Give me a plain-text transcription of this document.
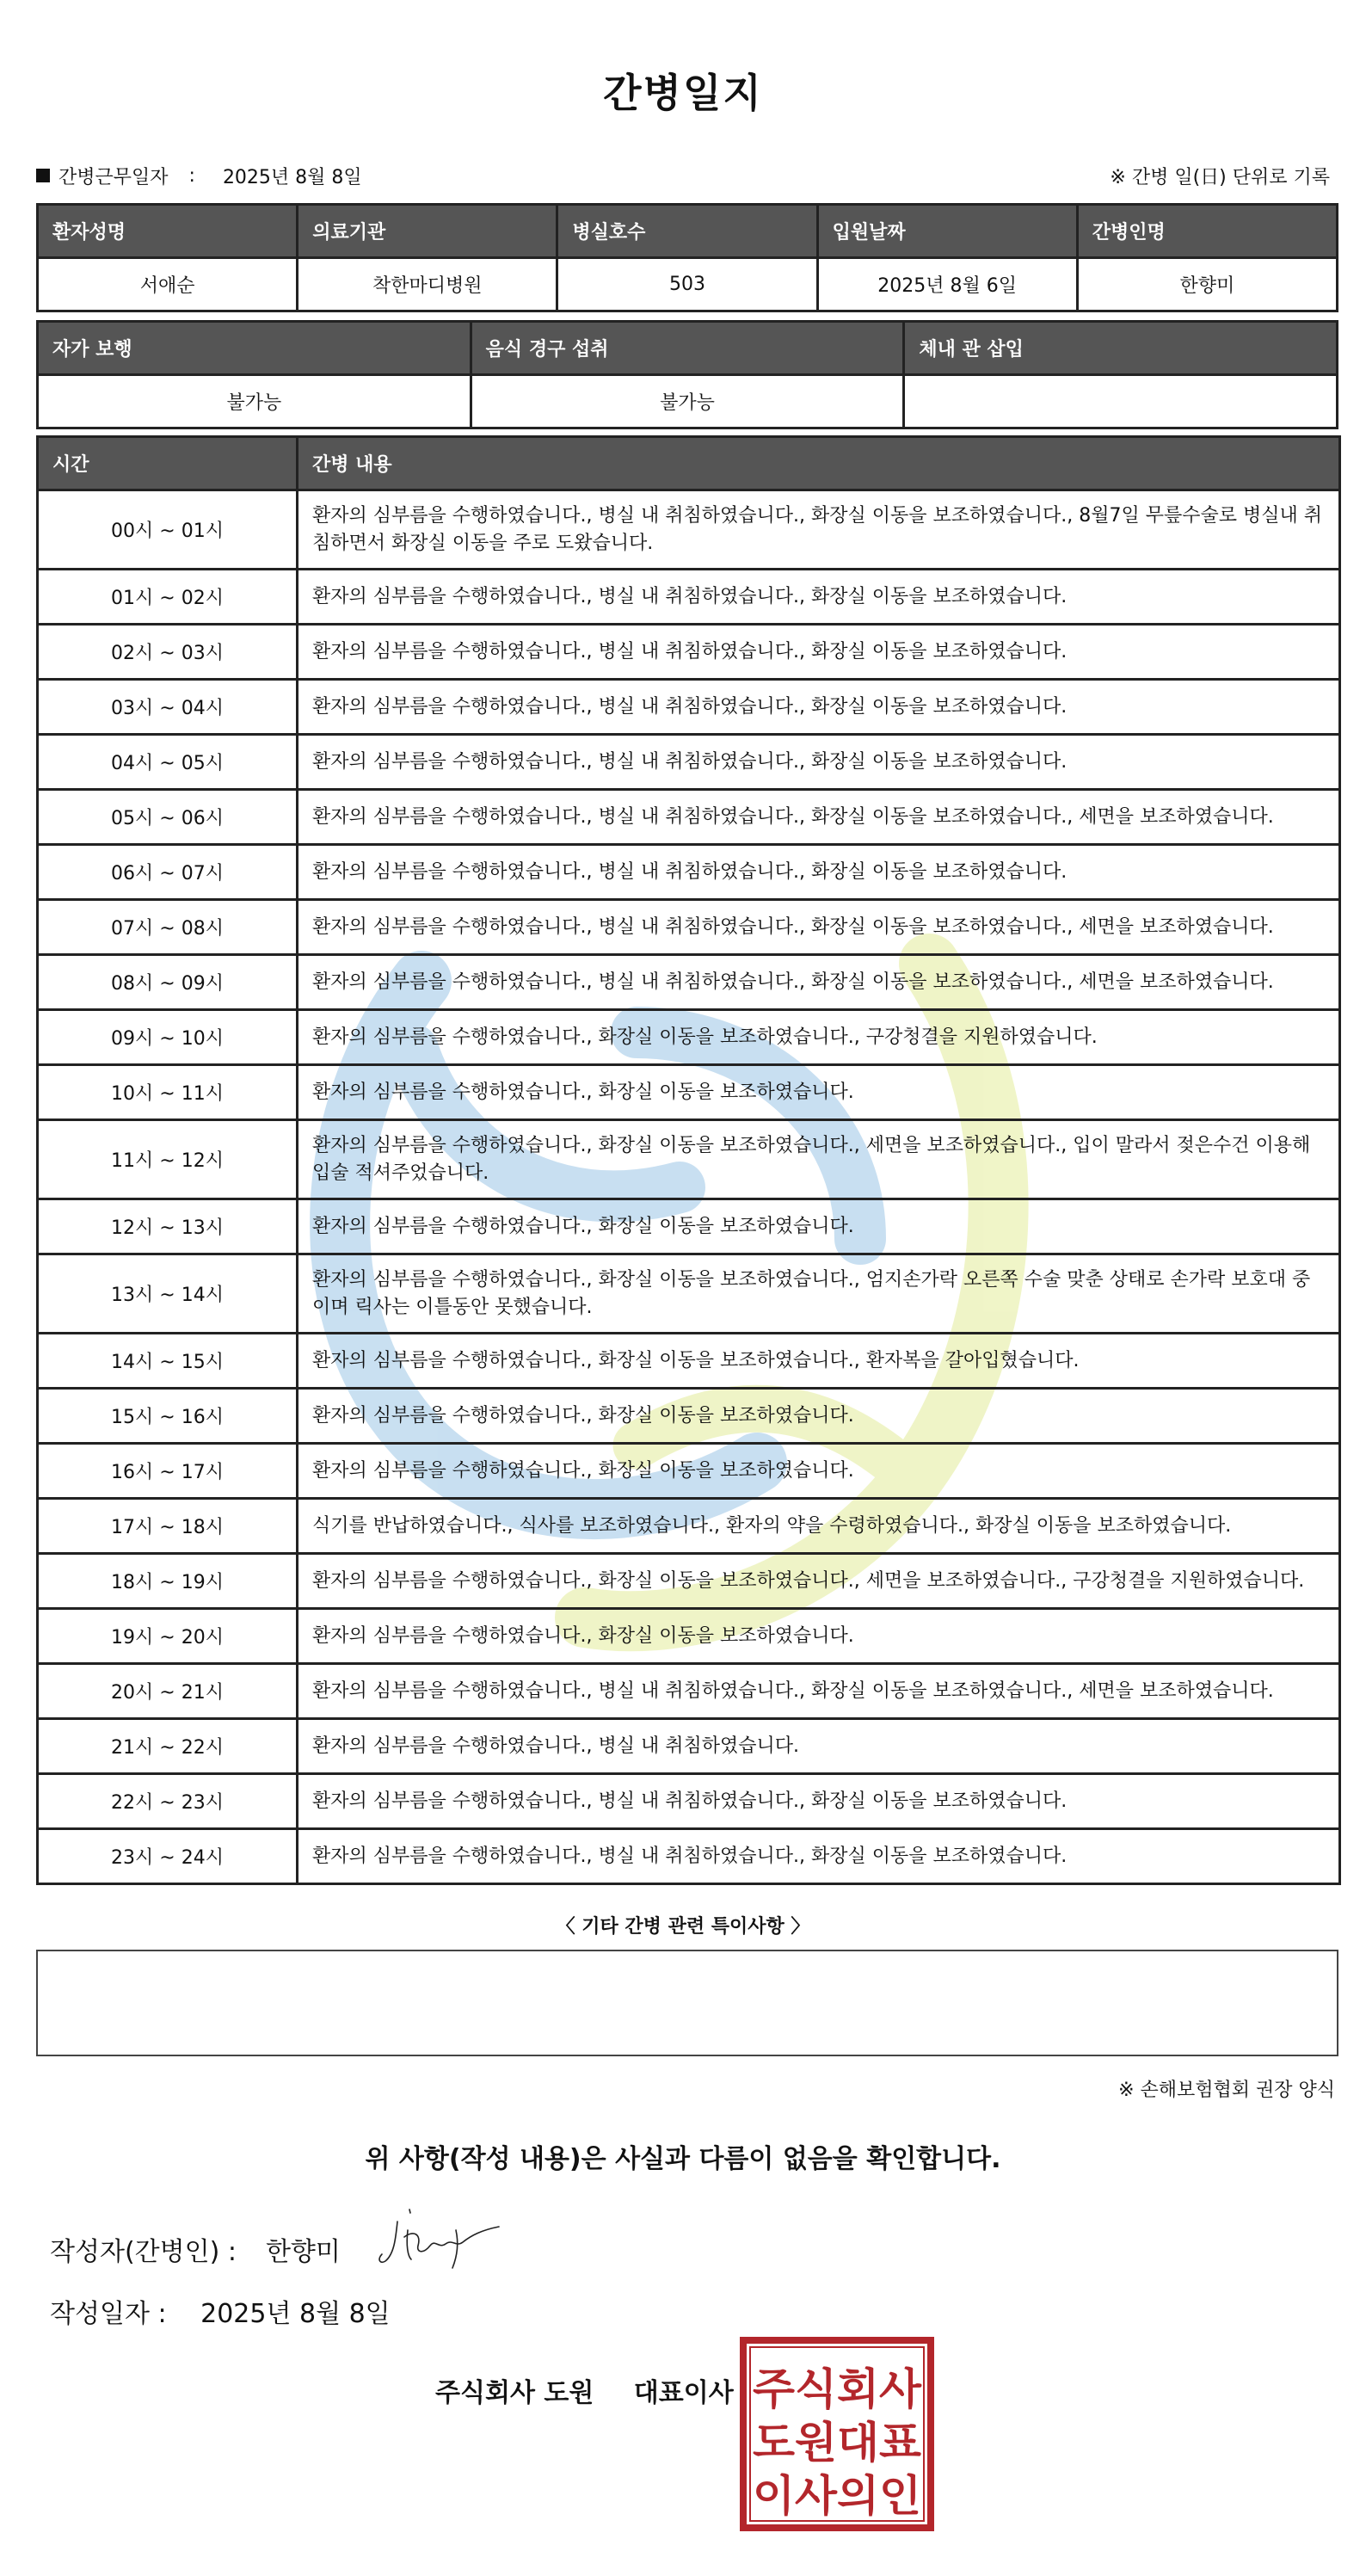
간병일지
간병근무일자 : 2025년 8월 8일	※ 간병 일(日) 단위로 기록
환자성명	의료기관	병실호수	입원날짜	간병인명
서애순	착한마디병원	503	2025년 8월 6일	한향미
자가 보행	음식 경구 섭취	체내 관 삽입
불가능	불가능	
시간	간병 내용
00시 ~ 01시	환자의 심부름을 수행하였습니다., 병실 내 취침하였습니다., 화장실 이동을 보조하였습니다., 8월7일 무릎수술로 병실내 취침하면서 화장실 이동을 주로 도왔습니다.
01시 ~ 02시	환자의 심부름을 수행하였습니다., 병실 내 취침하였습니다., 화장실 이동을 보조하였습니다.
02시 ~ 03시	환자의 심부름을 수행하였습니다., 병실 내 취침하였습니다., 화장실 이동을 보조하였습니다.
03시 ~ 04시	환자의 심부름을 수행하였습니다., 병실 내 취침하였습니다., 화장실 이동을 보조하였습니다.
04시 ~ 05시	환자의 심부름을 수행하였습니다., 병실 내 취침하였습니다., 화장실 이동을 보조하였습니다.
05시 ~ 06시	환자의 심부름을 수행하였습니다., 병실 내 취침하였습니다., 화장실 이동을 보조하였습니다., 세면을 보조하였습니다.
06시 ~ 07시	환자의 심부름을 수행하였습니다., 병실 내 취침하였습니다., 화장실 이동을 보조하였습니다.
07시 ~ 08시	환자의 심부름을 수행하였습니다., 병실 내 취침하였습니다., 화장실 이동을 보조하였습니다., 세면을 보조하였습니다.
08시 ~ 09시	환자의 심부름을 수행하였습니다., 병실 내 취침하였습니다., 화장실 이동을 보조하였습니다., 세면을 보조하였습니다.
09시 ~ 10시	환자의 심부름을 수행하였습니다., 화장실 이동을 보조하였습니다., 구강청결을 지원하였습니다.
10시 ~ 11시	환자의 심부름을 수행하였습니다., 화장실 이동을 보조하였습니다.
11시 ~ 12시	환자의 심부름을 수행하였습니다., 화장실 이동을 보조하였습니다., 세면을 보조하였습니다., 입이 말라서 젖은수건 이용해 입술 적셔주었습니다.
12시 ~ 13시	환자의 심부름을 수행하였습니다., 화장실 이동을 보조하였습니다.
13시 ~ 14시	환자의 심부름을 수행하였습니다., 화장실 이동을 보조하였습니다., 엄지손가락 오른쪽 수술 맞춘 상태로 손가락 보호대 중이며 릭사는 이틀동안 못했습니다.
14시 ~ 15시	환자의 심부름을 수행하였습니다., 화장실 이동을 보조하였습니다., 환자복을 갈아입혔습니다.
15시 ~ 16시	환자의 심부름을 수행하였습니다., 화장실 이동을 보조하였습니다.
16시 ~ 17시	환자의 심부름을 수행하였습니다., 화장실 이동을 보조하였습니다.
17시 ~ 18시	식기를 반납하였습니다., 식사를 보조하였습니다., 환자의 약을 수령하였습니다., 화장실 이동을 보조하였습니다.
18시 ~ 19시	환자의 심부름을 수행하였습니다., 화장실 이동을 보조하였습니다., 세면을 보조하였습니다., 구강청결을 지원하였습니다.
19시 ~ 20시	환자의 심부름을 수행하였습니다., 화장실 이동을 보조하였습니다.
20시 ~ 21시	환자의 심부름을 수행하였습니다., 병실 내 취침하였습니다., 화장실 이동을 보조하였습니다., 세면을 보조하였습니다.
21시 ~ 22시	환자의 심부름을 수행하였습니다., 병실 내 취침하였습니다.
22시 ~ 23시	환자의 심부름을 수행하였습니다., 병실 내 취침하였습니다., 화장실 이동을 보조하였습니다.
23시 ~ 24시	환자의 심부름을 수행하였습니다., 병실 내 취침하였습니다., 화장실 이동을 보조하였습니다.
〈 기타 간병 관련 특이사항 〉
※ 손해보험협회 권장 양식
위 사항(작성 내용)은 사실과 다름이 없음을 확인합니다.
작성자(간병인) : 한향미
작성일자 : 2025년 8월 8일
주식회사 도원 대표이사 주식회사
도원대표
이사의인
